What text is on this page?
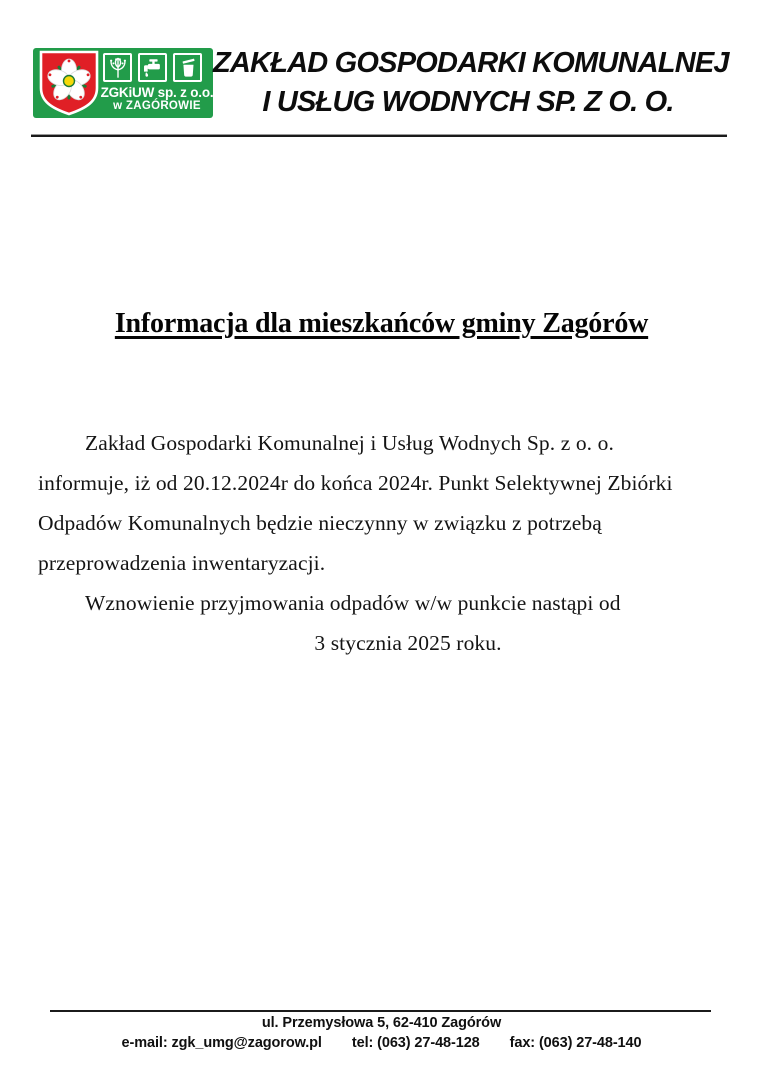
ZGKiUW sp. z o.o.
w ZAGÓROWIE
ZAKŁAD GOSPODARKI KOMUNALNEJ
I USŁUG WODNYCH SP. Z O. O.
Informacja dla mieszkańców gminy Zagórów
Zakład Gospodarki Komunalnej i Usług Wodnych Sp. z o. o.
informuje, iż od 20.12.2024r do końca 2024r. Punkt Selektywnej Zbiórki
Odpadów Komunalnych będzie nieczynny w związku z potrzebą
przeprowadzenia inwentaryzacji.
Wznowienie przyjmowania odpadów w/w punkcie nastąpi od
3 stycznia 2025 roku.
ul. Przemysłowa 5, 62-410 Zagórów
e-mail: zgk_umg@zagorow.pl tel: (063) 27-48-128 fax: (063) 27-48-140
